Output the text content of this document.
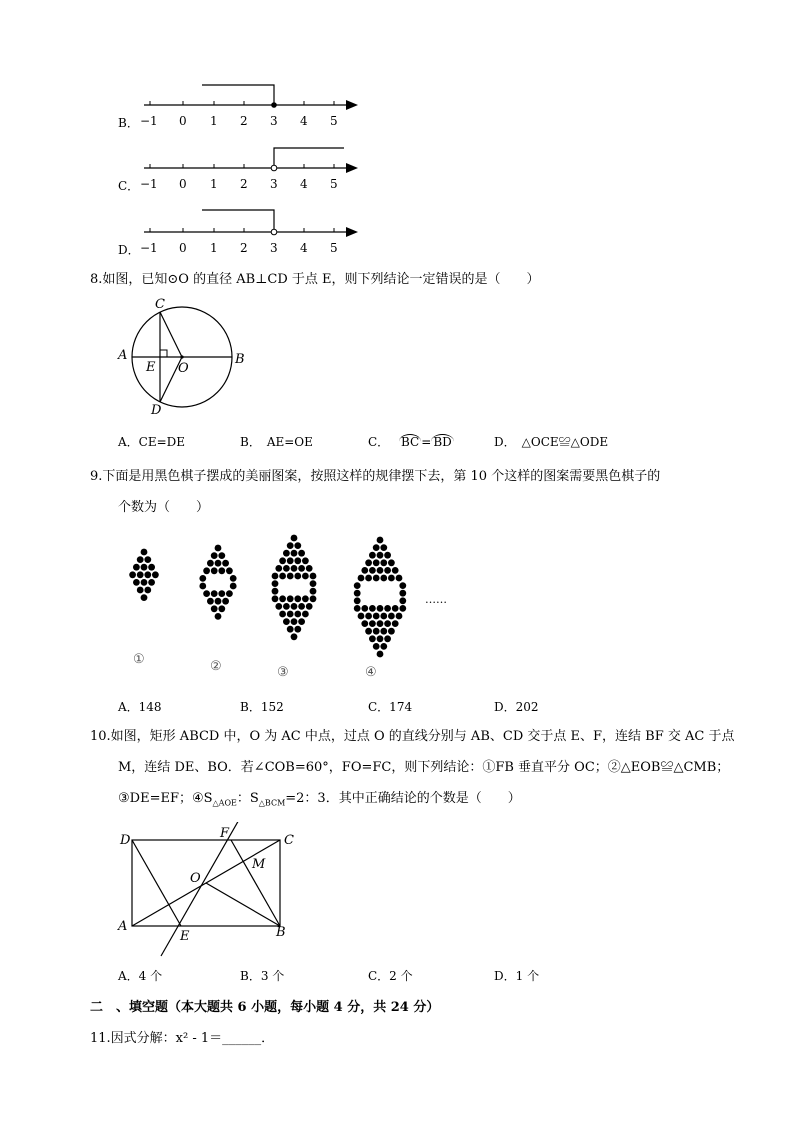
B． −1 0 1 2 3 4 5
C． −1 0 1 2 3 4 5
D． −1 0 1 2 3 4 5
8.如图，已知⊙O 的直径 AB⊥CD 于点 E，则下列结论一定错误的是（　　）
A	B
C
D
E O
A．CE=DE	B．　AE=OE	C．　 BC = BD	D．　△OCE≌△ODE
9.下面是用黑色棋子摆成的美丽图案，按照这样的规律摆下去，第 10 个这样的图案需要黑色棋子的
个数为（　　）
①	②	③	④
……
A．148	B．152	C．174	D．202
10.如图，矩形 ABCD 中，O 为 AC 中点，过点 O 的直线分别与 AB、CD 交于点 E、F，连结 BF 交 AC 于点
M，连结 DE、BO．若∠COB=60°，FO=FC，则下列结论：①FB 垂直平分 OC；②△EOB≌△CMB；
③DE=EF；$④S_{\triangle AOE}$：$S_{\triangle BCM}=2$：3．其中正确结论的个数是（　　）
D	C
A	B
E
F
O
M
A．4 个	B．3 个	C．2 个	D．1 个
二　、填空题（本大题共 6 小题，每小题 4 分，共 24 分）
11.因式分解：x² - 1＝______．
